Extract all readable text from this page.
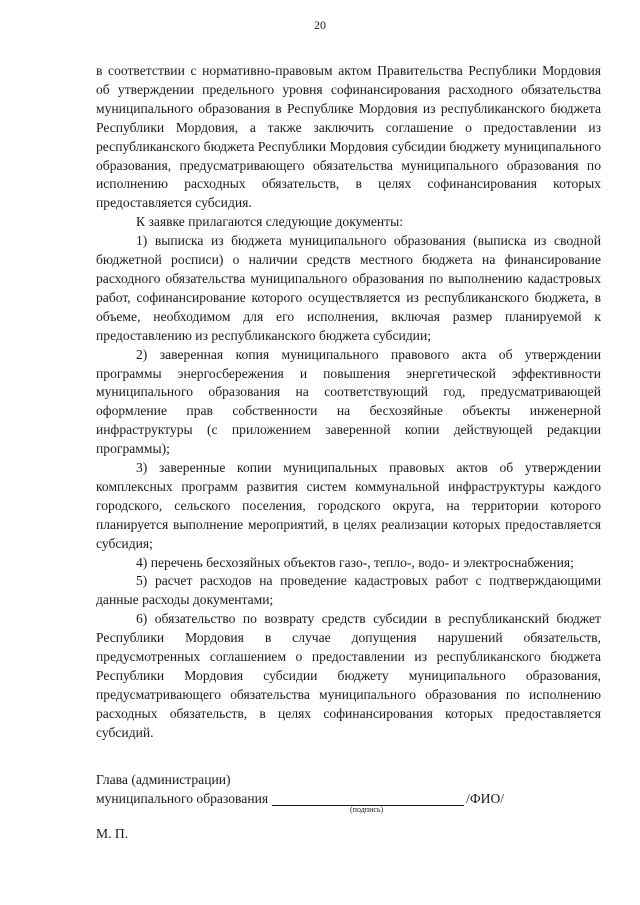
20

в соответствии с нормативно-правовым актом Правительства Республики Мордовия об утверждении предельного уровня софинансирования расходного обязательства муниципального образования в Республике Мордовия из республиканского бюджета Республики Мордовия, а также заключить соглашение о предоставлении из республиканского бюджета Республики Мордовия субсидии бюджету муниципального образования, предусматривающего обязательства муниципального образования по исполнению расходных обязательств, в целях софинансирования которых предоставляется субсидия.

К заявке прилагаются следующие документы:

1) выписка из бюджета муниципального образования (выписка из сводной бюджетной росписи) о наличии средств местного бюджета на финансирование расходного обязательства муниципального образования по выполнению кадастровых работ, софинансирование которого осуществляется из республиканского бюджета, в объеме, необходимом для его исполнения, включая размер планируемой к предоставлению из республиканского бюджета субсидии;

2) заверенная копия муниципального правового акта об утверждении программы энергосбережения и повышения энергетической эффективности муниципального образования на соответствующий год, предусматривающей оформление прав собственности на бесхозяйные объекты инженерной инфраструктуры (с приложением заверенной копии действующей редакции программы);

3) заверенные копии муниципальных правовых актов об утверждении комплексных программ развития систем коммунальной инфраструктуры каждого городского, сельского поселения, городского округа, на территории которого планируется выполнение мероприятий, в целях реализации которых предоставляется субсидия;

4) перечень бесхозяйных объектов газо-, тепло-, водо- и электроснабжения;

5) расчет расходов на проведение кадастровых работ с подтверждающими данные расходы документами;

6) обязательство по возврату средств субсидии в республиканский бюджет Республики Мордовия в случае допущения нарушений обязательств, предусмотренных соглашением о предоставлении из республиканского бюджета Республики Мордовия субсидии бюджету муниципального образования, предусматривающего обязательства муниципального образования по исполнению расходных обязательств, в целях софинансирования которых предоставляется субсидий.

Глава (администрации)
муниципального образования	/ФИО/
(подпись)
М. П.
